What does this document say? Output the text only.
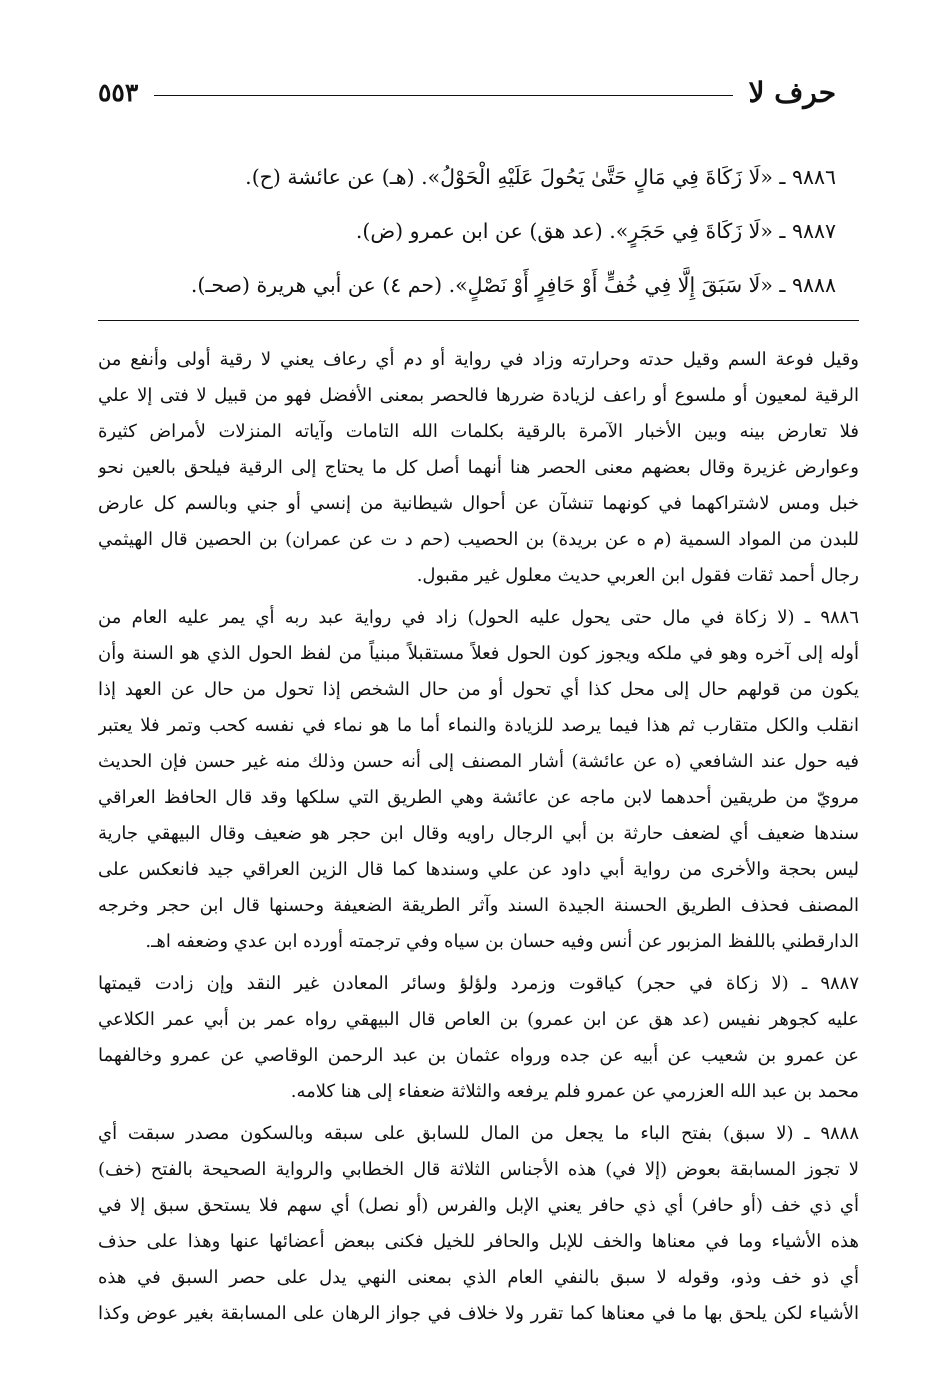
حرف لا
٥٥٣
٩٨٨٦ ـ «لَا زَكَاةَ فِي مَالٍ حَتَّىٰ يَحُولَ عَلَيْهِ الْحَوْلُ». (هـ) عن عائشة (ح).
٩٨٨٧ ـ «لَا زَكَاةَ فِي حَجَرٍ». (عد هق) عن ابن عمرو (ض).
٩٨٨٨ ـ «لَا سَبَقَ إِلَّا فِي خُفٍّ أَوْ حَافِرٍ أَوْ نَصْلٍ». (حم ٤) عن أبي هريرة (صحـ).
وقيل فوعة السم وقيل حدته وحرارته وزاد في رواية أو دم أي رعاف يعني لا رقية أولى وأنفع من
الرقية لمعيون أو ملسوع أو راعف لزيادة ضررها فالحصر بمعنى الأفضل فهو من قبيل لا فتى إلا علي
فلا تعارض بينه وبين الأخبار الآمرة بالرقية بكلمات الله التامات وآياته المنزلات لأمراض كثيرة
وعوارض غزيرة وقال بعضهم معنى الحصر هنا أنهما أصل كل ما يحتاج إلى الرقية فيلحق بالعين نحو
خبل ومس لاشتراكهما في كونهما تنشآن عن أحوال شيطانية من إنسي أو جني وبالسم كل عارض
للبدن من المواد السمية (م ه عن بريدة) بن الحصيب (حم د ت عن عمران) بن الحصين قال الهيثمي
رجال أحمد ثقات فقول ابن العربي حديث معلول غير مقبول.
٩٨٨٦ ـ (لا زكاة في مال حتى يحول عليه الحول) زاد في رواية عبد ربه أي يمر عليه العام من
أوله إلى آخره وهو في ملكه ويجوز كون الحول فعلاً مستقبلاً مبنياً من لفظ الحول الذي هو السنة وأن
يكون من قولهم حال إلى محل كذا أي تحول أو من حال الشخص إذا تحول من حال عن العهد إذا
انقلب والكل متقارب ثم هذا فيما يرصد للزيادة والنماء أما ما هو نماء في نفسه كحب وتمر فلا يعتبر
فيه حول عند الشافعي (ه عن عائشة) أشار المصنف إلى أنه حسن وذلك منه غير حسن فإن الحديث
مرويّ من طريقين أحدهما لابن ماجه عن عائشة وهي الطريق التي سلكها وقد قال الحافظ العراقي
سندها ضعيف أي لضعف حارثة بن أبي الرجال راويه وقال ابن حجر هو ضعيف وقال البيهقي جارية
ليس بحجة والأخرى من رواية أبي داود عن علي وسندها كما قال الزين العراقي جيد فانعكس على
المصنف فحذف الطريق الحسنة الجيدة السند وآثر الطريقة الضعيفة وحسنها قال ابن حجر وخرجه
الدارقطني باللفظ المزبور عن أنس وفيه حسان بن سياه وفي ترجمته أورده ابن عدي وضعفه اهـ.
٩٨٨٧ ـ (لا زكاة في حجر) كياقوت وزمرد ولؤلؤ وسائر المعادن غير النقد وإن زادت قيمتها
عليه كجوهر نفيس (عد هق عن ابن عمرو) بن العاص قال البيهقي رواه عمر بن أبي عمر الكلاعي
عن عمرو بن شعيب عن أبيه عن جده ورواه عثمان بن عبد الرحمن الوقاصي عن عمرو وخالفهما
محمد بن عبد الله العزرمي عن عمرو فلم يرفعه والثلاثة ضعفاء إلى هنا كلامه.
٩٨٨٨ ـ (لا سبق) بفتح الباء ما يجعل من المال للسابق على سبقه وبالسكون مصدر سبقت أي
لا تجوز المسابقة بعوض (إلا في) هذه الأجناس الثلاثة قال الخطابي والرواية الصحيحة بالفتح (خف)
أي ذي خف (أو حافر) أي ذي حافر يعني الإبل والفرس (أو نصل) أي سهم فلا يستحق سبق إلا في
هذه الأشياء وما في معناها والخف للإبل والحافر للخيل فكنى ببعض أعضائها عنها وهذا على حذف
أي ذو خف وذو، وقوله لا سبق بالنفي العام الذي بمعنى النهي يدل على حصر السبق في هذه
الأشياء لكن يلحق بها ما في معناها كما تقرر ولا خلاف في جواز الرهان على المسابقة بغير عوض وكذا
